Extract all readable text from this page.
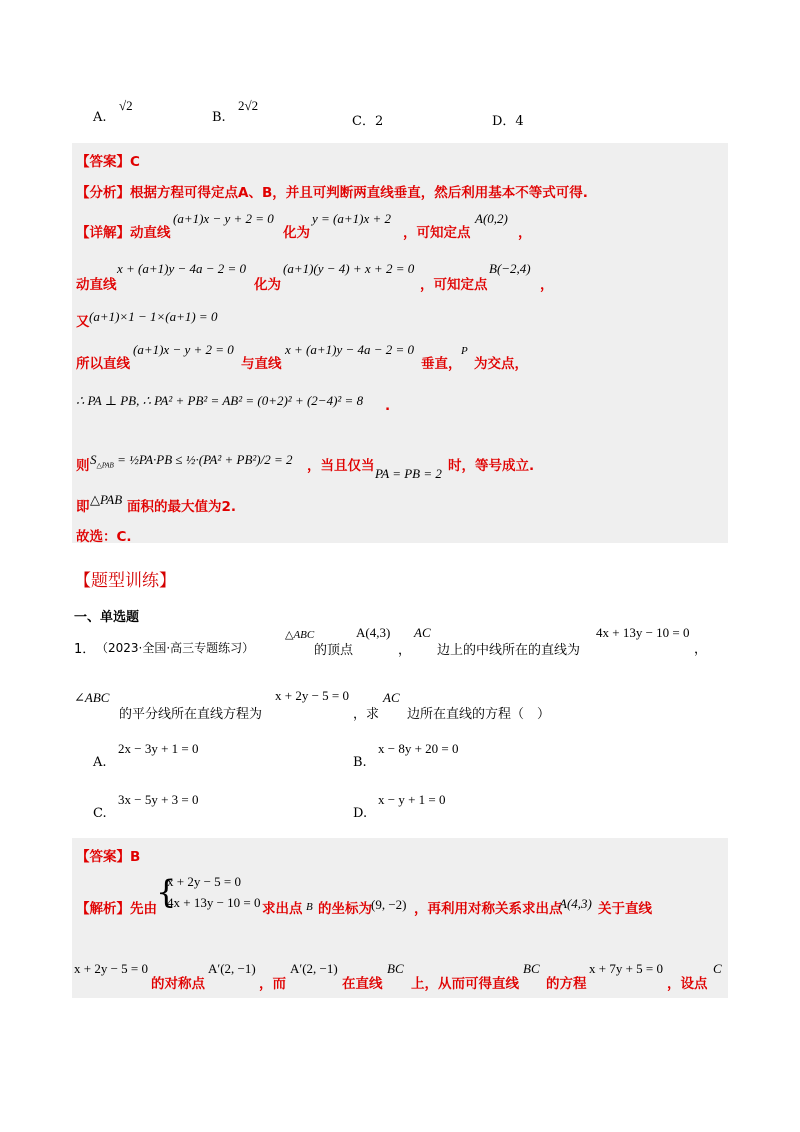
A.
√2
B.
2√2
C．2	D．4
【答案】C
【分析】根据方程可得定点A、B，并且可判断两直线垂直，然后利用基本不等式可得.
【详解】动直线
(a+1)x − y + 2 = 0
化为
y = (a+1)x + 2
，可知定点
A(0,2)
，
动直线
x + (a+1)y − 4a − 2 = 0
化为
(a+1)(y − 4) + x + 2 = 0
，可知定点
B(−2,4)
，
又 (a+1)×1 − 1×(a+1) = 0
所以直线
(a+1)x − y + 2 = 0
与直线
x + (a+1)y − 4a − 2 = 0
垂直，
P
为交点，
∴ PA ⊥ PB, ∴ PA² + PB² = AB² = (0+2)² + (2−4)² = 8 .
则 $S_{\triangle PAB}$ = ½PA·PB ≤ ½·(PA² + PB²)/2 = 2 ，当且仅当 PA = PB = 2 时，等号成立.
即 △PAB 面积的最大值为2.
故选：C.
【题型训练】
一、单选题
1． （2023·全国·高三专题练习）
△ABC
的顶点
A(4,3)
，
AC
边上的中线所在的直线为
4x + 13y − 10 = 0
，
∠ABC
的平分线所在直线方程为
x + 2y − 5 = 0
，求
AC
边所在直线的方程（　）
A.
2x − 3y + 1 = 0
B.
x − 8y + 20 = 0
C.
3x − 5y + 3 = 0
D.
x − y + 1 = 0
【答案】B
【解析】先由 {
x + 2y − 5 = 0
4x + 13y − 10 = 0 求出点 B 的坐标为 (9, −2) ，再利用对称关系求出点
A(4,3) 关于直线
x + 2y − 5 = 0
的对称点
A′(2, −1)
，而
A′(2, −1)
在直线
BC
上，从而可得直线
BC
的方程
x + 7y + 5 = 0
，设点
C
